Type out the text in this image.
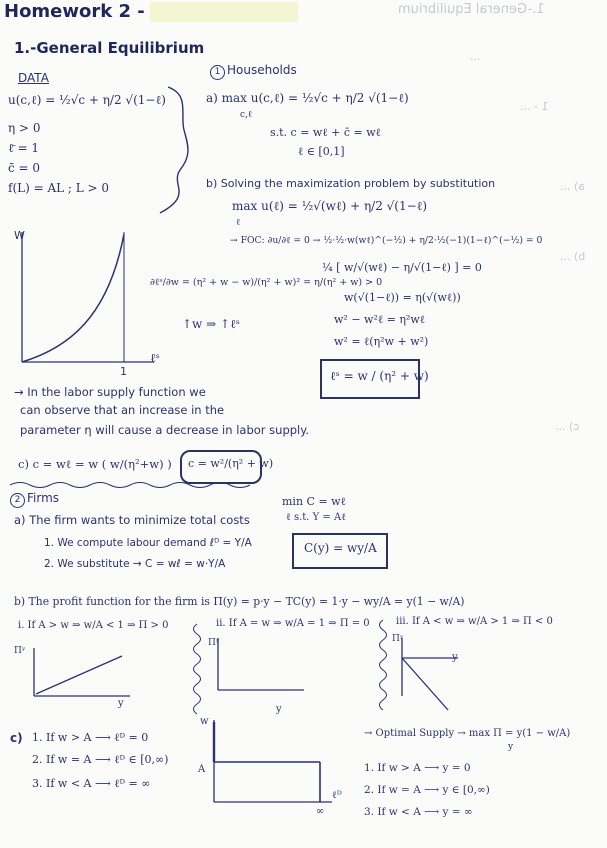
1.-General Equilibrium
...
1 - ...
a) ...
b) ...
c) ...
Homework 2 -
1.-General Equilibrium
DATA
u(c,ℓ) = ½√c + η/2 √(1−ℓ)
η > 0
ℓ̄ = 1
c̄ = 0
f(L) = AL ; L > 0
1 Households
a) max u(c,ℓ) = ½√c + η/2 √(1−ℓ)
c,ℓ
s.t. c = wℓ + c̄ = wℓ
ℓ ∈ [0,1]
b) Solving the maximization problem by substitution
max u(ℓ) = ½√(wℓ) + η/2 √(1−ℓ)
ℓ
→ FOC: ∂u/∂ℓ = 0 → ½·½·w(wℓ)^(−½) + η/2·½(−1)(1−ℓ)^(−½) = 0
¼ [ w/√(wℓ) − η/√(1−ℓ) ] = 0
w(√(1−ℓ)) = η(√(wℓ))
w² − w²ℓ = η²wℓ
w² = ℓ(η²w + w²)
ℓˢ = w / (η² + w)
∂ℓˢ/∂w = (η² + w − w)/(η² + w)² = η/(η² + w) > 0
↑w ⇒ ↑ℓˢ
W
1
ℓˢ
→ In the labor supply function we
can observe that an increase in the
parameter η will cause a decrease in labor supply.
c) c = wℓ = w ( w/(η²+w) ) c = w²/(η² + w)
2 Firms
a) The firm wants to minimize total costs
min C = wℓ
ℓ s.t. Y = Aℓ
1. We compute labour demand ℓᴰ = Y/A
2. We substitute → C = wℓ = w·Y/A
C(y) = wy/A
b) The profit function for the firm is Π(y) = p·y − TC(y) = 1·y − wy/A = y(1 − w/A)
i. If A > w ⇒ w/A < 1 ⇒ Π > 0	ii. If A = w ⇒ w/A = 1 ⇒ Π = 0	iii. If A < w ⇒ w/A > 1 ⇒ Π < 0
Πʸ
y
Πʸ
y
Πʸ
y
c) 1. If w > A ⟶ ℓᴰ = 0
2. If w = A ⟶ ℓᴰ ∈ [0,∞)
3. If w < A ⟶ ℓᴰ = ∞
w
A
ℓᴰ
∞
→ Optimal Supply → max Π = y(1 − w/A)
y
1. If w > A ⟶ y = 0
2. If w = A ⟶ y ∈ [0,∞)
3. If w < A ⟶ y = ∞
